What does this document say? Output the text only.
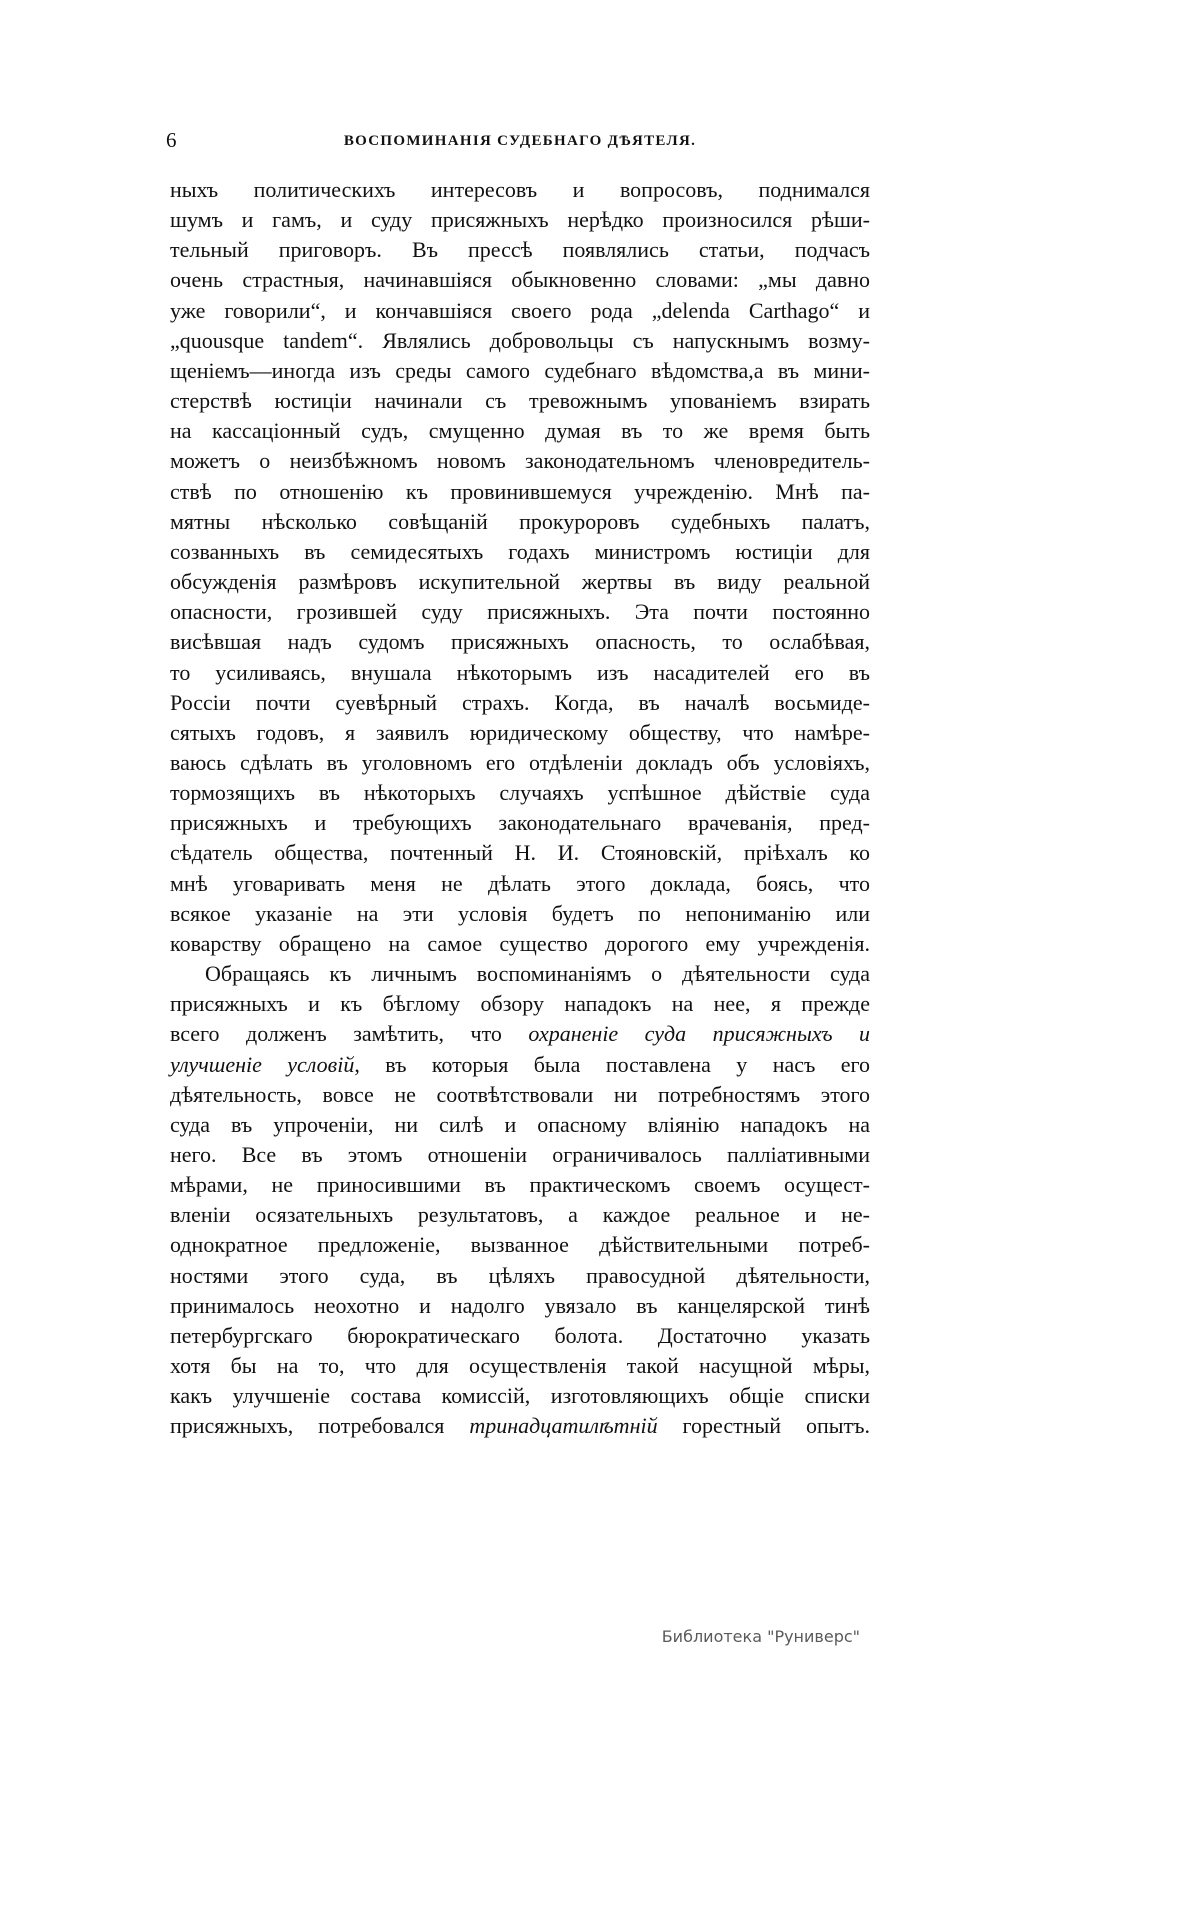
6	ВОСПОМИНАНІЯ СУДЕБНАГО ДѢЯТЕЛЯ.
ныхъ политическихъ интересовъ и вопросовъ, поднимался
шумъ и гамъ, и суду присяжныхъ нерѣдко произносился рѣши-
тельный приговоръ. Въ прессѣ появлялись статьи, подчасъ
очень страстныя, начинавшіяся обыкновенно словами: „мы давно
уже говорили“, и кончавшіяся своего рода „delenda Carthago“ и
„quousque tandem“. Являлись добровольцы съ напускнымъ возму-
щеніемъ—иногда изъ среды самого судебнаго вѣдомства,а въ мини-
стерствѣ юстиціи начинали съ тревожнымъ упованіемъ взирать
на кассаціонный судъ, смущенно думая въ то же время быть
можетъ о неизбѣжномъ новомъ законодательномъ членовредитель-
ствѣ по отношенію къ провинившемуся учрежденію. Мнѣ па-
мятны нѣсколько совѣщаній прокуроровъ судебныхъ палатъ,
созванныхъ въ семидесятыхъ годахъ министромъ юстиціи для
обсужденія размѣровъ искупительной жертвы въ виду реальной
опасности, грозившей суду присяжныхъ. Эта почти постоянно
висѣвшая надъ судомъ присяжныхъ опасность, то ослабѣвая,
то усиливаясь, внушала нѣкоторымъ изъ насадителей его въ
Россіи почти суевѣрный страхъ. Когда, въ началѣ восьмиде-
сятыхъ годовъ, я заявилъ юридическому обществу, что намѣре-
ваюсь сдѣлать въ уголовномъ его отдѣленіи докладъ объ условіяхъ,
тормозящихъ въ нѣкоторыхъ случаяхъ успѣшное дѣйствіе суда
присяжныхъ и требующихъ законодательнаго врачеванія, пред-
сѣдатель общества, почтенный Н. И. Стояновскій, пріѣхалъ ко
мнѣ уговаривать меня не дѣлать этого доклада, боясь, что
всякое указаніе на эти условія будетъ по непониманію или
коварству обращено на самое существо дорогого ему учрежденія.
Обращаясь къ личнымъ воспоминаніямъ о дѣятельности суда
присяжныхъ и къ бѣглому обзору нападокъ на нее, я прежде
всего долженъ замѣтить, что охраненіе суда присяжныхъ и
улучшеніе условій, въ которыя была поставлена у насъ его
дѣятельность, вовсе не соотвѣтствовали ни потребностямъ этого
суда въ упроченіи, ни силѣ и опасному вліянію нападокъ на
него. Все въ этомъ отношеніи ограничивалось палліативными
мѣрами, не приносившими въ практическомъ своемъ осущест-
вленіи осязательныхъ результатовъ, а каждое реальное и не-
однократное предложеніе, вызванное дѣйствительными потреб-
ностями этого суда, въ цѣляхъ правосудной дѣятельности,
принималось неохотно и надолго увязало въ канцелярской тинѣ
петербургскаго бюрократическаго болота. Достаточно указать
хотя бы на то, что для осуществленія такой насущной мѣры,
какъ улучшеніе состава комиссій, изготовляющихъ общіе списки
присяжныхъ, потребовался тринадцатилѣтній горестный опытъ.
Библиотека "Руниверс"
